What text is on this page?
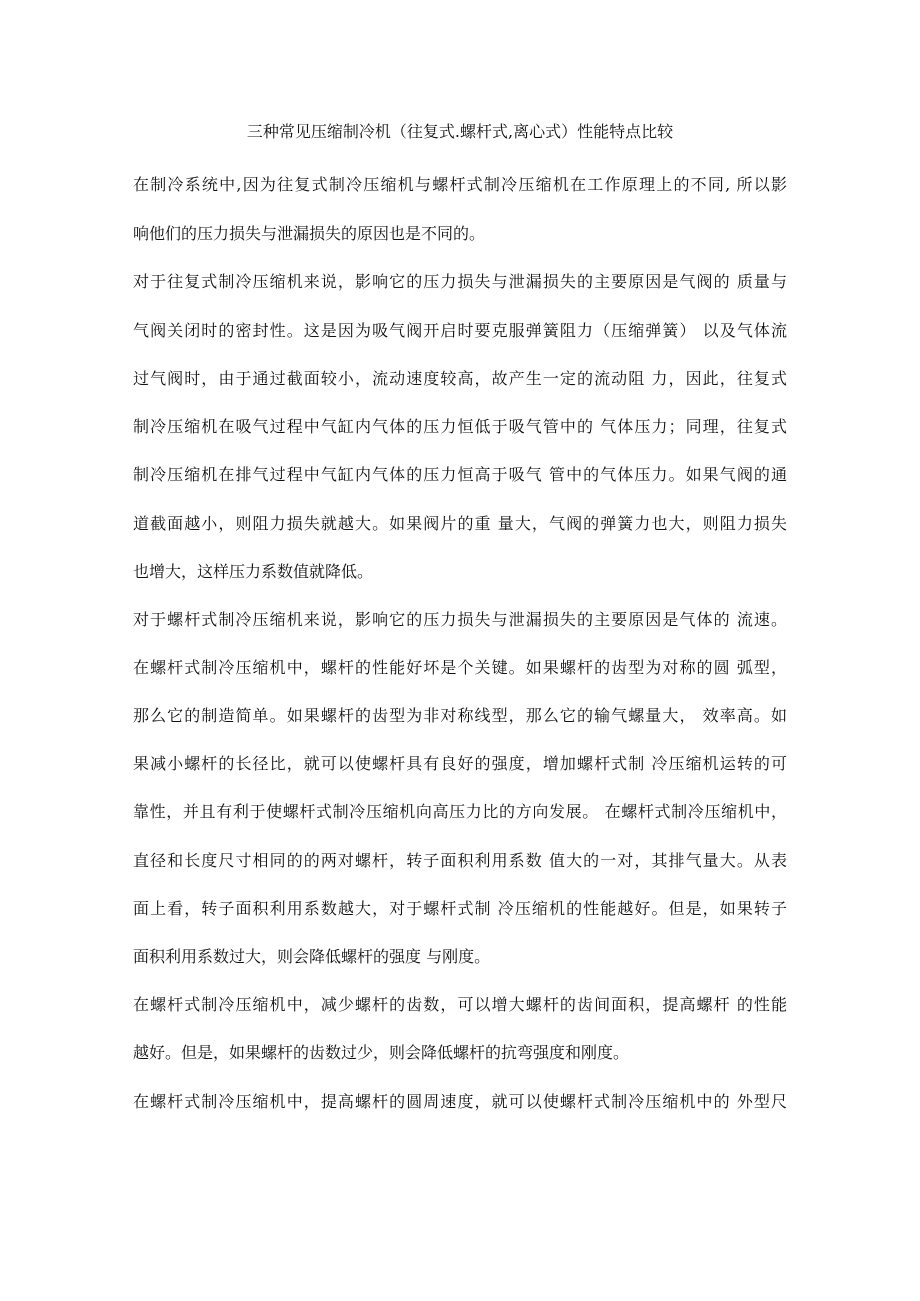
三种常见压缩制冷机（往复式.螺杆式,离心式）性能特点比较
在制冷系统中,因为往复式制冷压缩机与螺杆式制冷压缩机在工作原理上的不同, 所以影
响他们的压力损失与泄漏损失的原因也是不同的。
对于往复式制冷压缩机来说，影响它的压力损失与泄漏损失的主要原因是气阀的 质量与
气阀关闭时的密封性。这是因为吸气阀开启时要克服弹簧阻力（压缩弹簧） 以及气体流
过气阀时，由于通过截面较小，流动速度较高，故产生一定的流动阻 力，因此，往复式
制冷压缩机在吸气过程中气缸内气体的压力恒低于吸气管中的 气体压力；同理，往复式
制冷压缩机在排气过程中气缸内气体的压力恒高于吸气 管中的气体压力。如果气阀的通
道截面越小，则阻力损失就越大。如果阀片的重 量大，气阀的弹簧力也大，则阻力损失
也增大，这样压力系数值就降低。
对于螺杆式制冷压缩机来说，影响它的压力损失与泄漏损失的主要原因是气体的 流速。
在螺杆式制冷压缩机中，螺杆的性能好坏是个关键。如果螺杆的齿型为对称的圆 弧型，
那么它的制造简单。如果螺杆的齿型为非对称线型，那么它的输气螺量大， 效率高。如
果减小螺杆的长径比，就可以使螺杆具有良好的强度，增加螺杆式制 冷压缩机运转的可
靠性，并且有利于使螺杆式制冷压缩机向高压力比的方向发展。 在螺杆式制冷压缩机中，
直径和长度尺寸相同的的两对螺杆，转子面积利用系数 值大的一对，其排气量大。从表
面上看，转子面积利用系数越大，对于螺杆式制 冷压缩机的性能越好。但是，如果转子
面积利用系数过大，则会降低螺杆的强度 与刚度。
在螺杆式制冷压缩机中，减少螺杆的齿数，可以增大螺杆的齿间面积，提高螺杆 的性能
越好。但是，如果螺杆的齿数过少，则会降低螺杆的抗弯强度和刚度。
在螺杆式制冷压缩机中，提高螺杆的圆周速度，就可以使螺杆式制冷压缩机中的 外型尺
